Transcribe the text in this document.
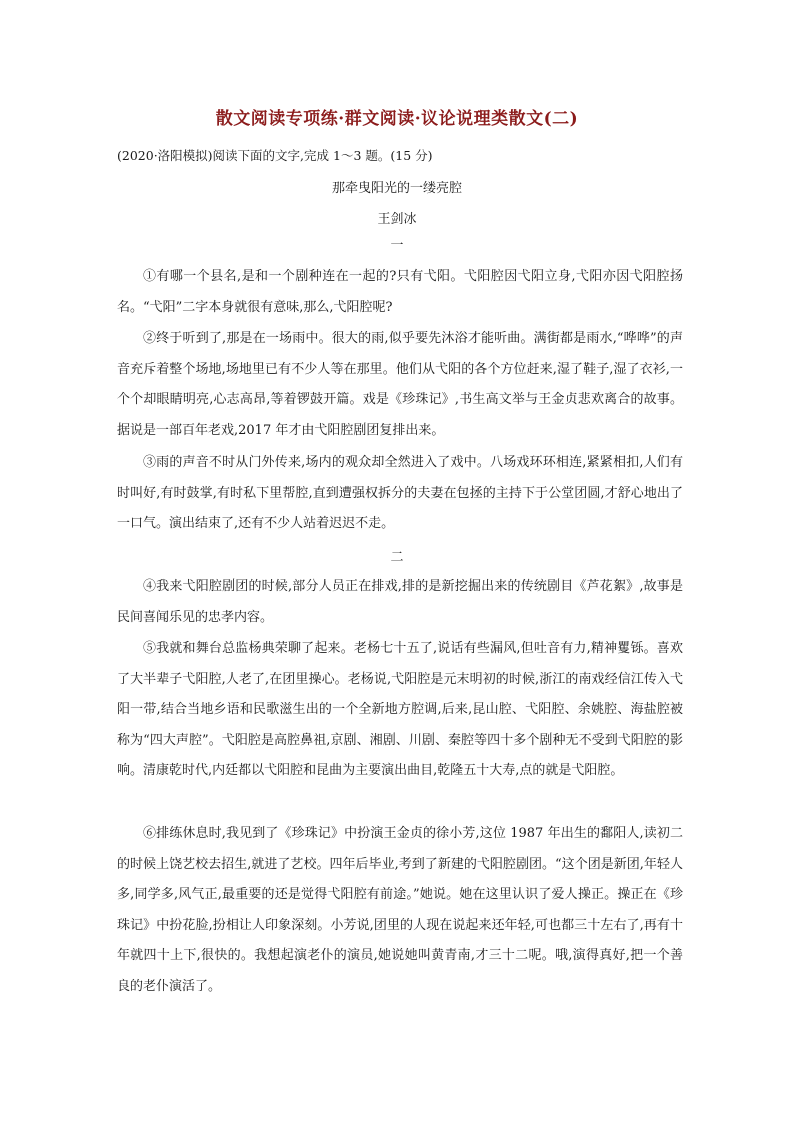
散文阅读专项练·群文阅读·议论说理类散文(二)
(2020·洛阳模拟)阅读下面的文字,完成 1～3 题。(15 分)
那牵曳阳光的一缕亮腔
王剑冰
一

①有哪一个县名,是和一个剧种连在一起的?只有弋阳。弋阳腔因弋阳立身,弋阳亦因弋阳腔扬名。“弋阳”二字本身就很有意味,那么,弋阳腔呢?

②终于听到了,那是在一场雨中。很大的雨,似乎要先沐浴才能听曲。满街都是雨水,“哗哗”的声音充斥着整个场地,场地里已有不少人等在那里。他们从弋阳的各个方位赶来,湿了鞋子,湿了衣衫,一个个却眼睛明亮,心志高昂,等着锣鼓开篇。戏是《珍珠记》,书生高文举与王金贞悲欢离合的故事。据说是一部百年老戏,2017 年才由弋阳腔剧团复排出来。

③雨的声音不时从门外传来,场内的观众却全然进入了戏中。八场戏环环相连,紧紧相扣,人们有时叫好,有时鼓掌,有时私下里帮腔,直到遭强权拆分的夫妻在包拯的主持下于公堂团圆,才舒心地出了一口气。演出结束了,还有不少人站着迟迟不走。

二

④我来弋阳腔剧团的时候,部分人员正在排戏,排的是新挖掘出来的传统剧目《芦花絮》,故事是民间喜闻乐见的忠孝内容。

⑤我就和舞台总监杨典荣聊了起来。老杨七十五了,说话有些漏风,但吐音有力,精神矍铄。喜欢了大半辈子弋阳腔,人老了,在团里操心。老杨说,弋阳腔是元末明初的时候,浙江的南戏经信江传入弋阳一带,结合当地乡语和民歌滋生出的一个全新地方腔调,后来,昆山腔、弋阳腔、余姚腔、海盐腔被称为“四大声腔”。弋阳腔是高腔鼻祖,京剧、湘剧、川剧、秦腔等四十多个剧种无不受到弋阳腔的影响。清康乾时代,内廷都以弋阳腔和昆曲为主要演出曲目,乾隆五十大寿,点的就是弋阳腔。

⑥排练休息时,我见到了《珍珠记》中扮演王金贞的徐小芳,这位 1987 年出生的鄱阳人,读初二的时候上饶艺校去招生,就进了艺校。四年后毕业,考到了新建的弋阳腔剧团。“这个团是新团,年轻人多,同学多,风气正,最重要的还是觉得弋阳腔有前途。”她说。她在这里认识了爱人操正。操正在《珍珠记》中扮花脸,扮相让人印象深刻。小芳说,团里的人现在说起来还年轻,可也都三十左右了,再有十年就四十上下,很快的。我想起演老仆的演员,她说她叫黄青南,才三十二呢。哦,演得真好,把一个善良的老仆演活了。
